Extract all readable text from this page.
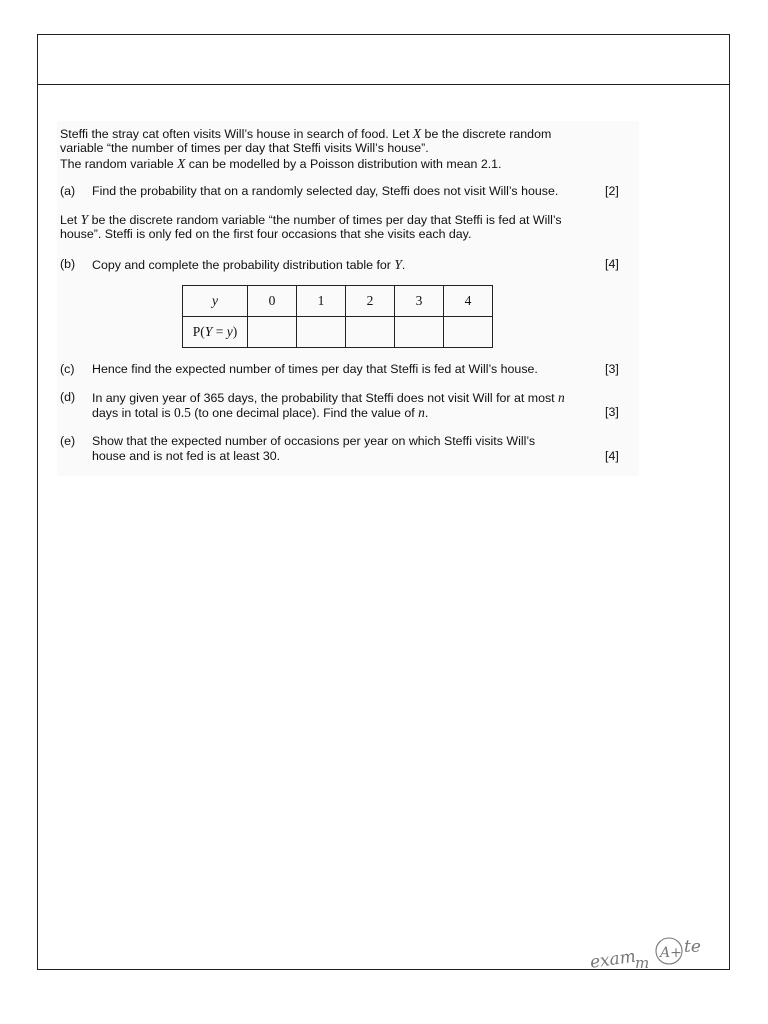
Steffi the stray cat often visits Will’s house in search of food. Let X be the discrete random

variable “the number of times per day that Steffi visits Will’s house”.

The random variable X can be modelled by a Poisson distribution with mean 2.1.

(a) Find the probability that on a randomly selected day, Steffi does not visit Will’s house.	[2]

Let Y be the discrete random variable “the number of times per day that Steffi is fed at Will’s

house”. Steffi is only fed on the first four occasions that she visits each day.

(b) Copy and complete the probability distribution table for Y.	[4]
y	0	1	2	3	4
P(Y = y)					
(c) Hence find the expected number of times per day that Steffi is fed at Will’s house.	[3]
(d) In any given year of 365 days, the probability that Steffi does not visit Will for at most n
days in total is 0.5 (to one decimal place). Find the value of n.	[3]
(e) Show that the expected number of occasions per year on which Steffi visits Will’s
house and is not fed is at least 30.	[4]
exam
m
A+ te
